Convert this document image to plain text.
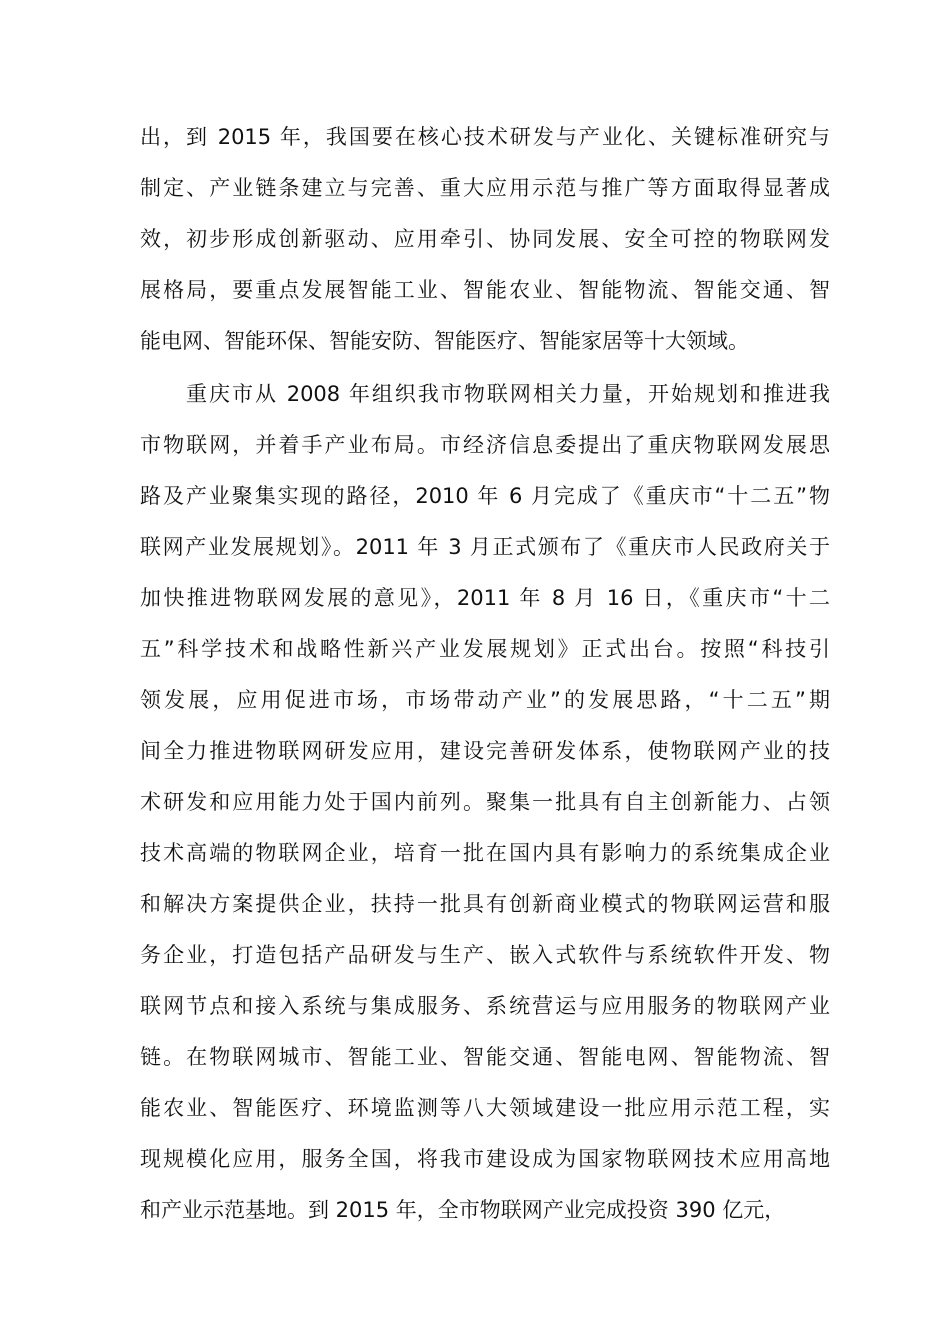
出，到 2015 年，我国要在核心技术研发与产业化、关键标准研究与
制定、产业链条建立与完善、重大应用示范与推广等方面取得显著成
效，初步形成创新驱动、应用牵引、协同发展、安全可控的物联网发
展格局，要重点发展智能工业、智能农业、智能物流、智能交通、智
能电网、智能环保、智能安防、智能医疗、智能家居等十大领域。
重庆市从 2008 年组织我市物联网相关力量，开始规划和推进我
市物联网，并着手产业布局。市经济信息委提出了重庆物联网发展思
路及产业聚集实现的路径，2010 年 6 月完成了《重庆市“十二五”物
联网产业发展规划》。2011 年 3 月正式颁布了《重庆市人民政府关于
加快推进物联网发展的意见》，2011 年 8 月 16 日，《重庆市“十二
五”科学技术和战略性新兴产业发展规划》正式出台。按照“科技引
领发展，应用促进市场，市场带动产业”的发展思路，“十二五”期
间全力推进物联网研发应用，建设完善研发体系，使物联网产业的技
术研发和应用能力处于国内前列。聚集一批具有自主创新能力、占领
技术高端的物联网企业，培育一批在国内具有影响力的系统集成企业
和解决方案提供企业，扶持一批具有创新商业模式的物联网运营和服
务企业，打造包括产品研发与生产、嵌入式软件与系统软件开发、物
联网节点和接入系统与集成服务、系统营运与应用服务的物联网产业
链。在物联网城市、智能工业、智能交通、智能电网、智能物流、智
能农业、智能医疗、环境监测等八大领域建设一批应用示范工程，实
现规模化应用，服务全国，将我市建设成为国家物联网技术应用高地
和产业示范基地。到 2015 年，全市物联网产业完成投资 390 亿元，
